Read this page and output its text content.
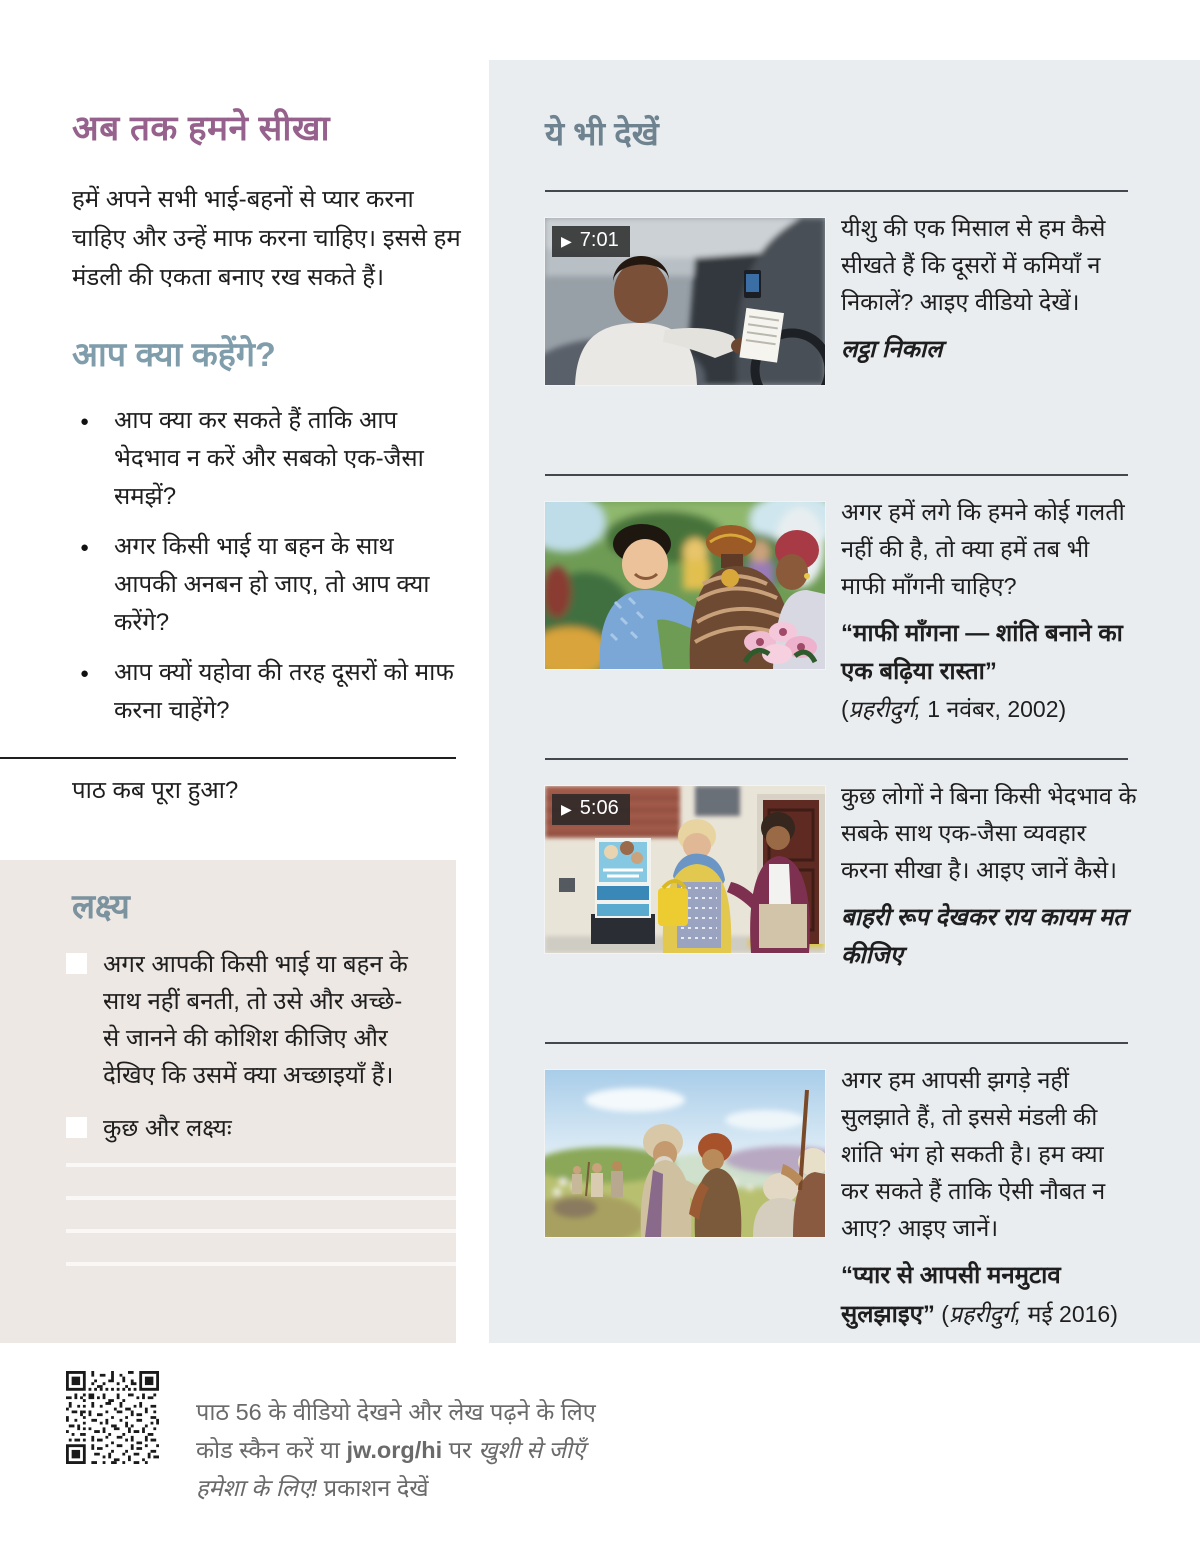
अब तक हमने सीखा
हमें अपने सभी भाई-बहनों से प्यार करना चाहिए और उन्हें माफ करना चाहिए। इससे हम मंडली की एकता बनाए रख सकते हैं।
आप क्या कहेंगे?
● आप क्या कर सकते हैं ताकि आप भेदभाव न करें और सबको एक-जैसा समझें?
● अगर किसी भाई या बहन के साथ आपकी अनबन हो जाए, तो आप क्या करेंगे?
● आप क्यों यहोवा की तरह दूसरों को माफ करना चाहेंगे?
पाठ कब पूरा हुआ?
लक्ष्य
अगर आपकी किसी भाई या बहन के साथ नहीं बनती, तो उसे और अच्छे-से जानने की कोशिश कीजिए और देखिए कि उसमें क्या अच्छाइयाँ हैं।
कुछ और लक्ष्यः
ये भी देखें
▶ 7:01	यीशु की एक मिसाल से हम कैसे सीखते हैं कि दूसरों में कमियाँ न निकालें? आइए वीडियो देखें।

लट्ठा निकाल

अगर हमें लगे कि हमने कोई गलती नहीं की है, तो क्या हमें तब भी माफी माँगनी चाहिए?

“माफी माँगना — शांति बनाने का एक बढ़िया रास्ता”

(प्रहरीदुर्ग, 1 नवंबर, 2002)

▶ 5:06	कुछ लोगों ने बिना किसी भेदभाव के सबके साथ एक-जैसा व्यवहार करना सीखा है। आइए जानें कैसे।

बाहरी रूप देखकर राय कायम मत कीजिए

अगर हम आपसी झगड़े नहीं सुलझाते हैं, तो इससे मंडली की शांति भंग हो सकती है। हम क्या कर सकते हैं ताकि ऐसी नौबत न आए? आइए जानें।

“प्यार से आपसी मनमुटाव सुलझाइए” (प्रहरीदुर्ग, मई 2016)

पाठ 56 के वीडियो देखने और लेख पढ़ने के लिए
कोड स्कैन करें या jw.org/hi पर खुशी से जीएँ
हमेशा के लिए! प्रकाशन देखें
